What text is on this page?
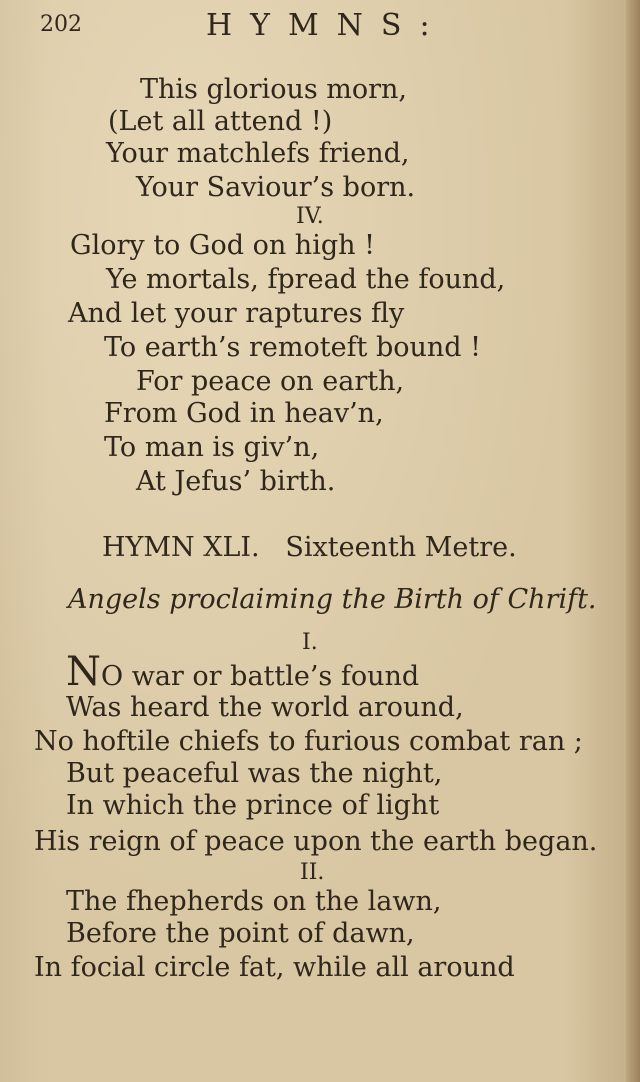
202	HYMNS:
This glorious morn,
(Let all attend !)
Your matchlefs friend,
Your Saviour’s born.
IV.
Glory to God on high !
Ye mortals, fpread the found,
And let your raptures fly
To earth’s remoteft bound !
For peace on earth,
From God in heav’n,
To man is giv’n,
At Jefus’ birth.
HYMN XLI. Sixteenth Metre.
Angels proclaiming the Birth of Chrift.
I.
NO war or battle’s found
Was heard the world around,
No hoftile chiefs to furious combat ran ;
But peaceful was the night,
In which the prince of light
His reign of peace upon the earth began.
II.
The fhepherds on the lawn,
Before the point of dawn,
In focial circle fat, while all around
